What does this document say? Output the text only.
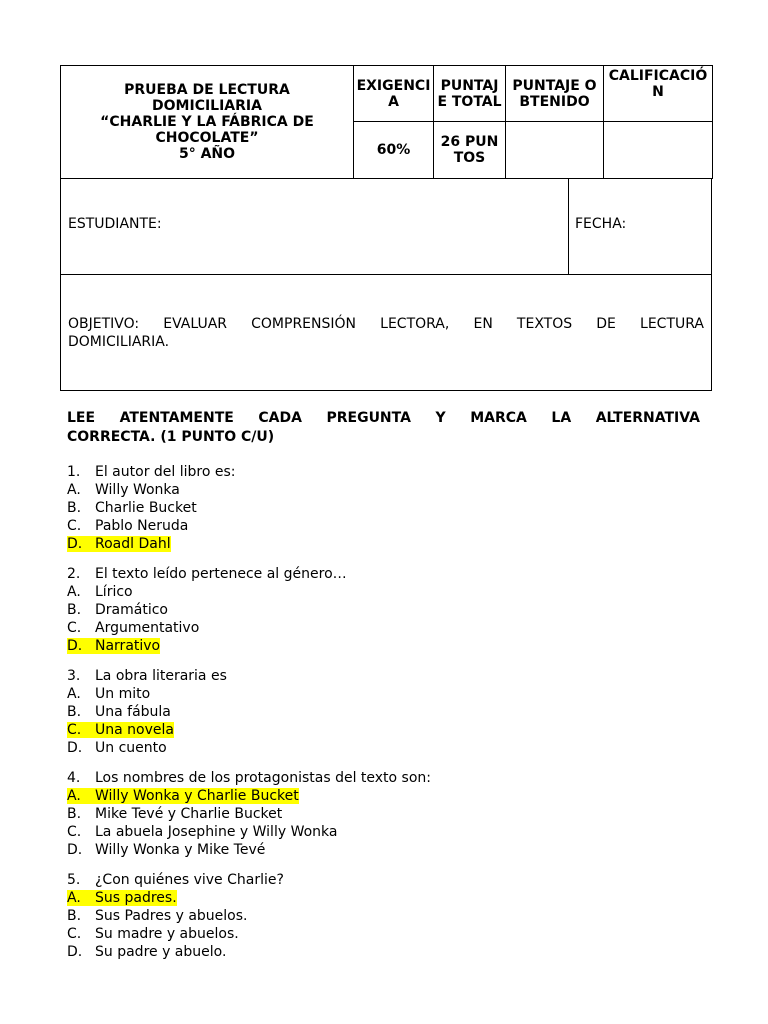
PRUEBA DE LECTURA
DOMICILIARIA
“CHARLIE Y LA FÁBRICA DE
CHOCOLATE”
5° AÑO	EXIGENCIA	PUNTAJE TOTAL	PUNTAJE OBTENIDO	CALIFICACIÓN
	60%	26 PUNTOS		
ESTUDIANTE:	FECHA:

OBJETIVO: EVALUAR COMPRENSIÓN LECTORA, EN TEXTOS DE LECTURA
DOMICILIARIA.

LEE ATENTAMENTE CADA PREGUNTA Y MARCA LA ALTERNATIVA
CORRECTA. (1 PUNTO C/U)
1. El autor del libro es:
A. Willy Wonka
B. Charlie Bucket
C. Pablo Neruda
D. Roadl Dahl
2. El texto leído pertenece al género…
A. Lírico
B. Dramático
C. Argumentativo
D. Narrativo
3. La obra literaria es
A. Un mito
B. Una fábula
C. Una novela
D. Un cuento
4. Los nombres de los protagonistas del texto son:
A. Willy Wonka y Charlie Bucket
B. Mike Tevé y Charlie Bucket
C. La abuela Josephine y Willy Wonka
D. Willy Wonka y Mike Tevé
5. ¿Con quiénes vive Charlie?
A. Sus padres.
B. Sus Padres y abuelos.
C. Su madre y abuelos.
D. Su padre y abuelo.
